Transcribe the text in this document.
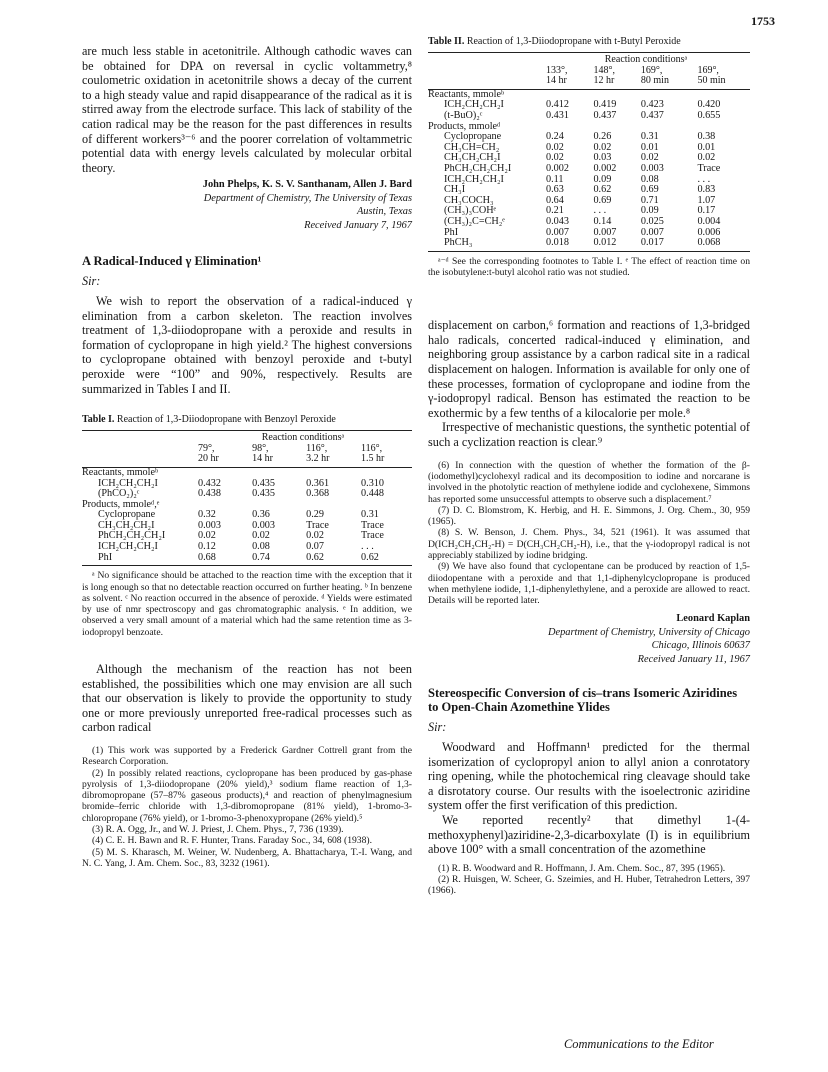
1753

are much less stable in acetonitrile. Although cathodic waves can be obtained for DPA on reversal in cyclic voltammetry,⁸ coulometric oxidation in acetonitrile shows a decay of the current to a high steady value and rapid disappearance of the radical as it is stirred away from the electrode surface. This lack of stability of the cation radical may be the reason for the past differences in results of different workers³⁻⁶ and the poorer correlation of voltammetric potential data with energy levels calculated by molecular orbital theory.

John Phelps, K. S. V. Santhanam, Allen J. Bard
Department of Chemistry, The University of Texas
Austin, Texas
Received January 7, 1967
A Radical-Induced γ Elimination¹
Sir:

We wish to report the observation of a radical-induced γ elimination from a carbon skeleton. The reaction involves treatment of 1,3-diiodopropane with a peroxide and results in formation of cyclopropane in high yield.² The highest conversions to cyclopropane obtained with benzoyl peroxide and t-butyl peroxide were “100” and 90%, respectively. Results are summarized in Tables I and II.

Table I. Reaction of 1,3-Diiodopropane with Benzoyl Peroxide
	Reaction conditionsᵃ			
	79°,	98°,	116°,	116°,
	20 hr	14 hr	3.2 hr	1.5 hr
Reactants, mmoleᵇ				
ICH₂CH₂CH₂I	0.432	0.435	0.361	0.310
(PhCO₂)₂ᶜ	0.438	0.435	0.368	0.448
Products, mmoleᵈ,ᵉ				
Cyclopropane	0.32	0.36	0.29	0.31
CH₃CH₂CH₂I	0.003	0.003	Trace	Trace
PhCH₂CH₂CH₂I	0.02	0.02	0.02	Trace
ICH₂CH₂CH₂I	0.12	0.08	0.07	. . .
PhI	0.68	0.74	0.62	0.62

ᵃ No significance should be attached to the reaction time with the exception that it is long enough so that no detectable reaction occurred on further heating. ᵇ In benzene as solvent. ᶜ No reaction occurred in the absence of peroxide. ᵈ Yields were estimated by use of nmr spectroscopy and gas chromatographic analysis. ᵉ In addition, we observed a very small amount of a material which had the same retention time as 3-iodopropyl benzoate.

Although the mechanism of the reaction has not been established, the possibilities which one may envision are all such that our observation is likely to provide the opportunity to study one or more previously unreported free-radical processes such as carbon radical

(1) This work was supported by a Frederick Gardner Cottrell grant from the Research Corporation.

(2) In possibly related reactions, cyclopropane has been produced by gas-phase pyrolysis of 1,3-diiodopropane (20% yield),³ sodium flame reaction of 1,3-dibromopropane (57–87% gaseous products),⁴ and reaction of phenylmagnesium bromide–ferric chloride with 1,3-dibromopropane (81% yield), 1-bromo-3-chloropropane (76% yield), or 1-bromo-3-phenoxypropane (26% yield).⁵

(3) R. A. Ogg, Jr., and W. J. Priest, J. Chem. Phys., 7, 736 (1939).

(4) C. E. H. Bawn and R. F. Hunter, Trans. Faraday Soc., 34, 608 (1938).

(5) M. S. Kharasch, M. Weiner, W. Nudenberg, A. Bhattacharya, T.-I. Wang, and N. C. Yang, J. Am. Chem. Soc., 83, 3232 (1961).

Table II. Reaction of 1,3-Diiodopropane with t-Butyl Peroxide
	Reaction conditionsᵃ			
	133°,	148°,	169°,	169°,
	14 hr	12 hr	80 min	50 min
Reactants, mmoleᵇ				
ICH₂CH₂CH₂I	0.412	0.419	0.423	0.420
(t-BuO)₂ᶜ	0.431	0.437	0.437	0.655
Products, mmoleᵈ				
Cyclopropane	0.24	0.26	0.31	0.38
CH₃CH=CH₂	0.02	0.02	0.01	0.01
CH₃CH₂CH₂I	0.02	0.03	0.02	0.02
PhCH₂CH₂CH₂I	0.002	0.002	0.003	Trace
ICH₂CH₂CH₂I	0.11	0.09	0.08	. . .
CH₃I	0.63	0.62	0.69	0.83
CH₃COCH₃	0.64	0.69	0.71	1.07
(CH₃)₃COHᵉ	0.21	. . .	0.09	0.17
(CH₃)₂C=CH₂ᵉ	0.043	0.14	0.025	0.004
PhI	0.007	0.007	0.007	0.006
PhCH₃	0.018	0.012	0.017	0.068

ᵃ⁻ᵈ See the corresponding footnotes to Table I. ᵉ The effect of reaction time on the isobutylene:t-butyl alcohol ratio was not studied.

displacement on carbon,⁶ formation and reactions of 1,3-bridged halo radicals, concerted radical-induced γ elimination, and neighboring group assistance by a carbon radical site in a radical displacement on halogen. Information is available for only one of these processes, formation of cyclopropane and iodine from the γ-iodopropyl radical. Benson has estimated the reaction to be exothermic by a few tenths of a kilocalorie per mole.⁸

Irrespective of mechanistic questions, the synthetic potential of such a cyclization reaction is clear.⁹

(6) In connection with the question of whether the formation of the β-(iodomethyl)cyclohexyl radical and its decomposition to iodine and norcarane is involved in the photolytic reaction of methylene iodide and cyclohexene, Simmons has reported some unsuccessful attempts to observe such a displacement.⁷

(7) D. C. Blomstrom, K. Herbig, and H. E. Simmons, J. Org. Chem., 30, 959 (1965).

(8) S. W. Benson, J. Chem. Phys., 34, 521 (1961). It was assumed that D(ICH₂CH₂CH₂-H) = D(CH₃CH₂CH₂-H), i.e., that the γ-iodopropyl radical is not appreciably stabilized by iodine bridging.

(9) We have also found that cyclopentane can be produced by reaction of 1,5-diiodopentane with a peroxide and that 1,1-diphenylcyclopropane is produced when methylene iodide, 1,1-diphenylethylene, and a peroxide are allowed to react. Details will be reported later.

Leonard Kaplan
Department of Chemistry, University of Chicago
Chicago, Illinois 60637
Received January 11, 1967
Stereospecific Conversion of cis–trans Isomeric Aziridines to Open-Chain Azomethine Ylides
Sir:

Woodward and Hoffmann¹ predicted for the thermal isomerization of cyclopropyl anion to allyl anion a conrotatory ring opening, while the photochemical ring cleavage should take a disrotatory course. Our results with the isoelectronic aziridine system offer the first verification of this prediction.

We reported recently² that dimethyl 1-(4-methoxyphenyl)aziridine-2,3-dicarboxylate (I) is in equilibrium above 100° with a small concentration of the azomethine

(1) R. B. Woodward and R. Hoffmann, J. Am. Chem. Soc., 87, 395 (1965).

(2) R. Huisgen, W. Scheer, G. Szeimies, and H. Huber, Tetrahedron Letters, 397 (1966).

Communications to the Editor
